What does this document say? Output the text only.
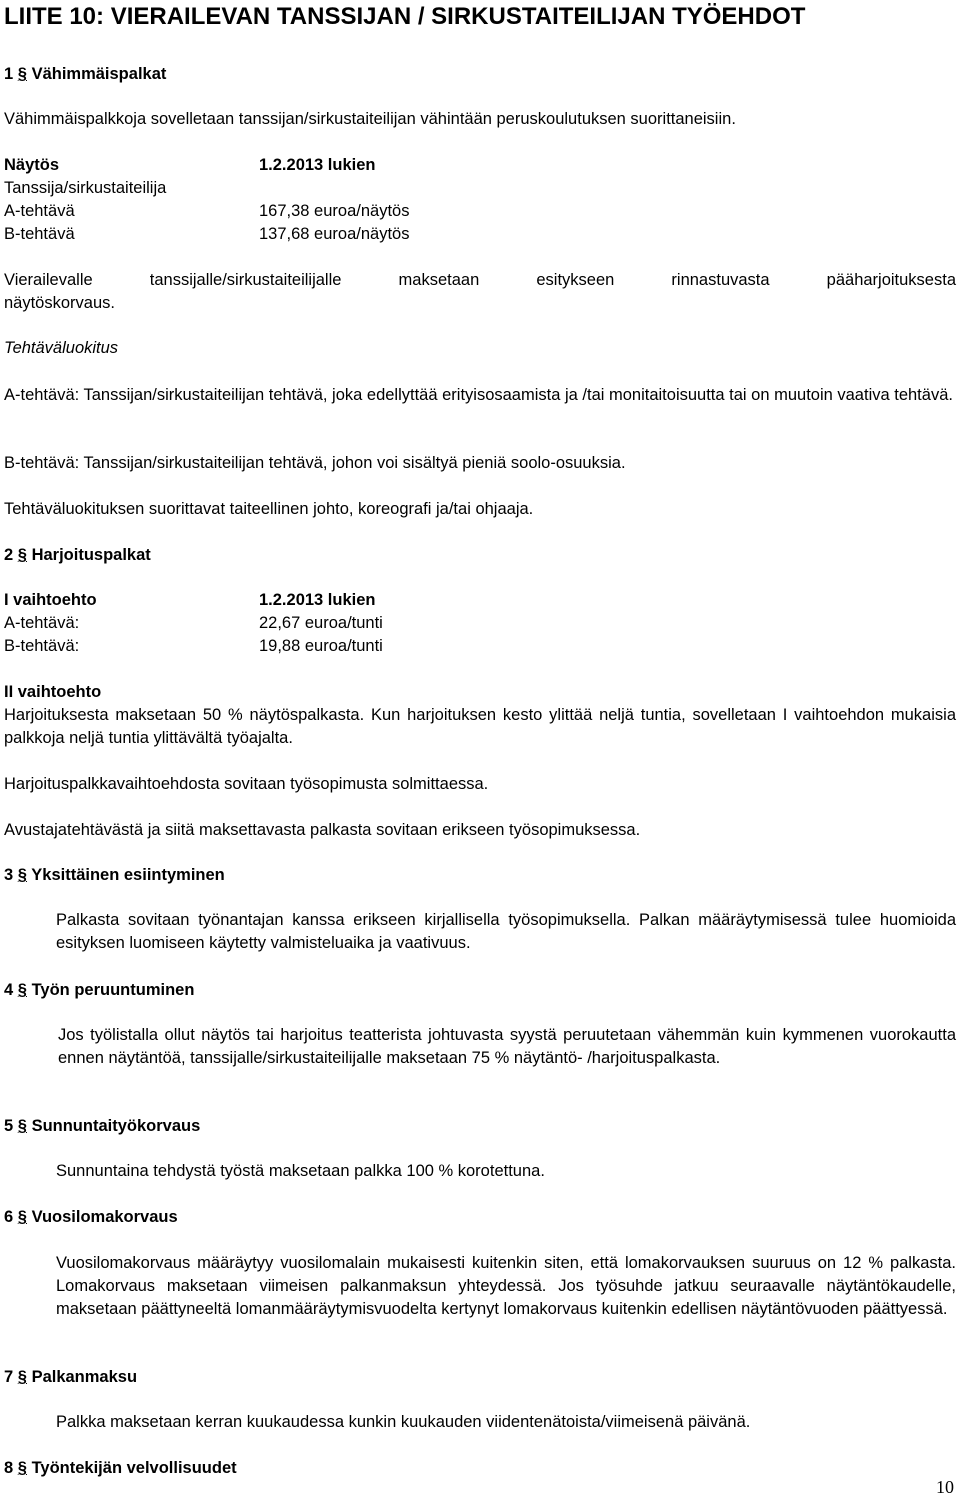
LIITE 10: VIERAILEVAN TANSSIJAN / SIRKUSTAITEILIJAN TYÖEHDOT
1 § Vähimmäispalkat
Vähimmäispalkkoja sovelletaan tanssijan/sirkustaiteilijan vähintään peruskoulutuksen suorittaneisiin.
Näytös	1.2.2013 lukien
Tanssija/sirkustaiteilija
A-tehtävä	167,38 euroa/näytös
B-tehtävä	137,68 euroa/näytös
Vierailevalle tanssijalle/sirkustaiteilijalle maksetaan esitykseen rinnastuvasta pääharjoituksesta
näytöskorvaus.
Tehtäväluokitus
A-tehtävä: Tanssijan/sirkustaiteilijan tehtävä, joka edellyttää erityisosaamista ja /tai monitaitoisuutta tai on muutoin vaativa tehtävä.
B-tehtävä: Tanssijan/sirkustaiteilijan tehtävä, johon voi sisältyä pieniä soolo-osuuksia.
Tehtäväluokituksen suorittavat taiteellinen johto, koreografi ja/tai ohjaaja.
2 § Harjoituspalkat
I vaihtoehto	1.2.2013 lukien
A-tehtävä:	22,67 euroa/tunti
B-tehtävä:	19,88 euroa/tunti
II vaihtoehto
Harjoituksesta maksetaan 50 % näytöspalkasta. Kun harjoituksen kesto ylittää neljä tuntia, sovelletaan I vaihtoehdon mukaisia palkkoja neljä tuntia ylittävältä työajalta.
Harjoituspalkkavaihtoehdosta sovitaan työsopimusta solmittaessa.
Avustajatehtävästä ja siitä maksettavasta palkasta sovitaan erikseen työsopimuksessa.
3 § Yksittäinen esiintyminen
Palkasta sovitaan työnantajan kanssa erikseen kirjallisella työsopimuksella. Palkan määräytymisessä tulee huomioida esityksen luomiseen käytetty valmisteluaika ja vaativuus.
4 § Työn peruuntuminen
Jos työlistalla ollut näytös tai harjoitus teatterista johtuvasta syystä peruutetaan vähemmän kuin kymmenen vuorokautta ennen näytäntöä, tanssijalle/sirkustaiteilijalle maksetaan 75 % näytäntö- /harjoituspalkasta.
5 § Sunnuntaityökorvaus
Sunnuntaina tehdystä työstä maksetaan palkka 100 % korotettuna.
6 § Vuosilomakorvaus
Vuosilomakorvaus määräytyy vuosilomalain mukaisesti kuitenkin siten, että lomakorvauksen suuruus on 12 % palkasta. Lomakorvaus maksetaan viimeisen palkanmaksun yhteydessä. Jos työsuhde jatkuu seuraavalle näytäntökaudelle, maksetaan päättyneeltä lomanmääräytymisvuodelta kertynyt lomakorvaus kuitenkin edellisen näytäntövuoden päättyessä.
7 § Palkanmaksu
Palkka maksetaan kerran kuukaudessa kunkin kuukauden viidentenätoista/viimeisenä päivänä.
8 § Työntekijän velvollisuudet
10
